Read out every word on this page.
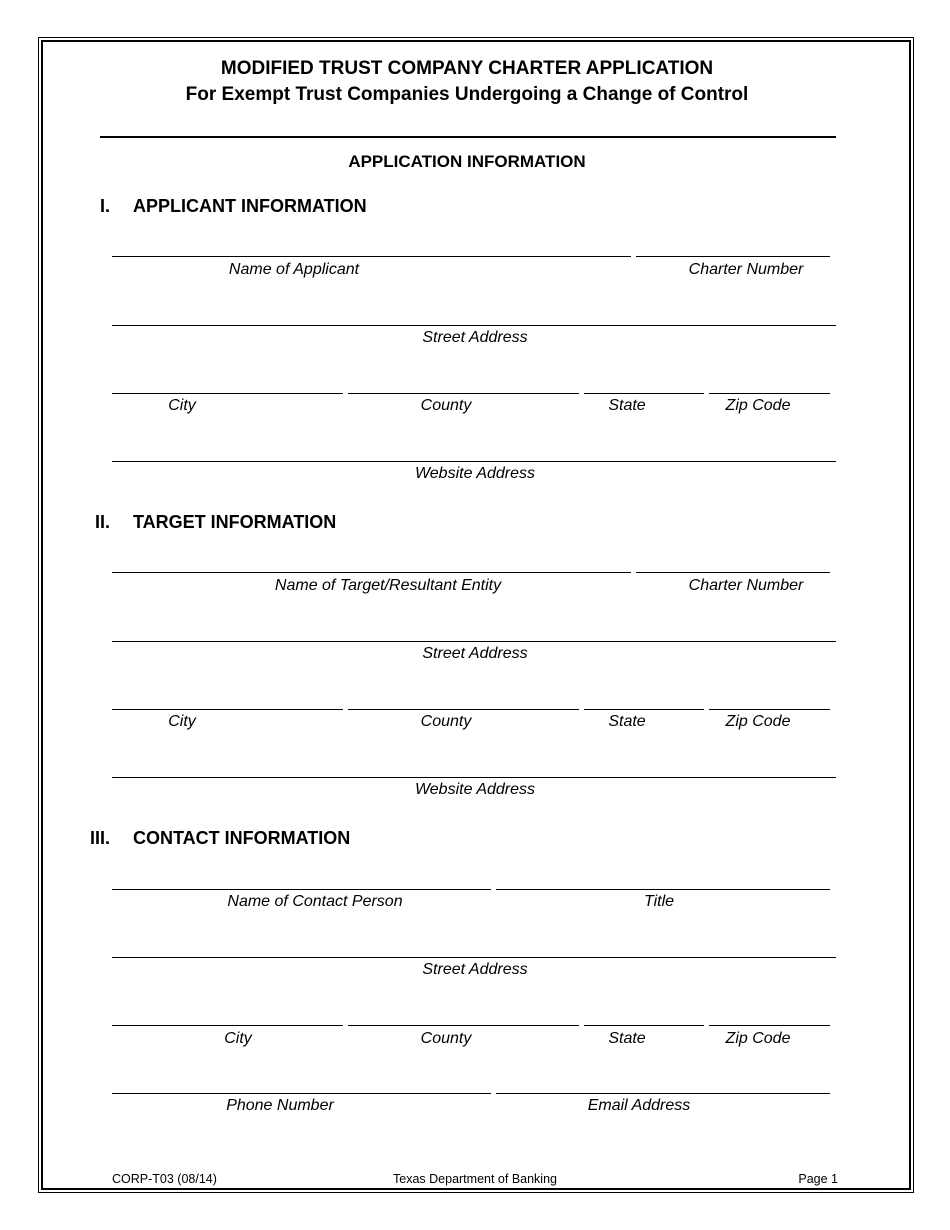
MODIFIED TRUST COMPANY CHARTER APPLICATION
For Exempt Trust Companies Undergoing a Change of Control
APPLICATION INFORMATION
I.	APPLICANT INFORMATION
Name of Applicant	Charter Number
Street Address
City	County	State	Zip Code
Website Address
II.	TARGET INFORMATION
Name of Target/Resultant Entity	Charter Number
Street Address
City	County	State	Zip Code
Website Address
III. CONTACT INFORMATION
Name of Contact Person	Title
Street Address
City	County	State	Zip Code
Phone Number	Email Address
CORP-T03 (08/14)	Texas Department of Banking	Page 1
